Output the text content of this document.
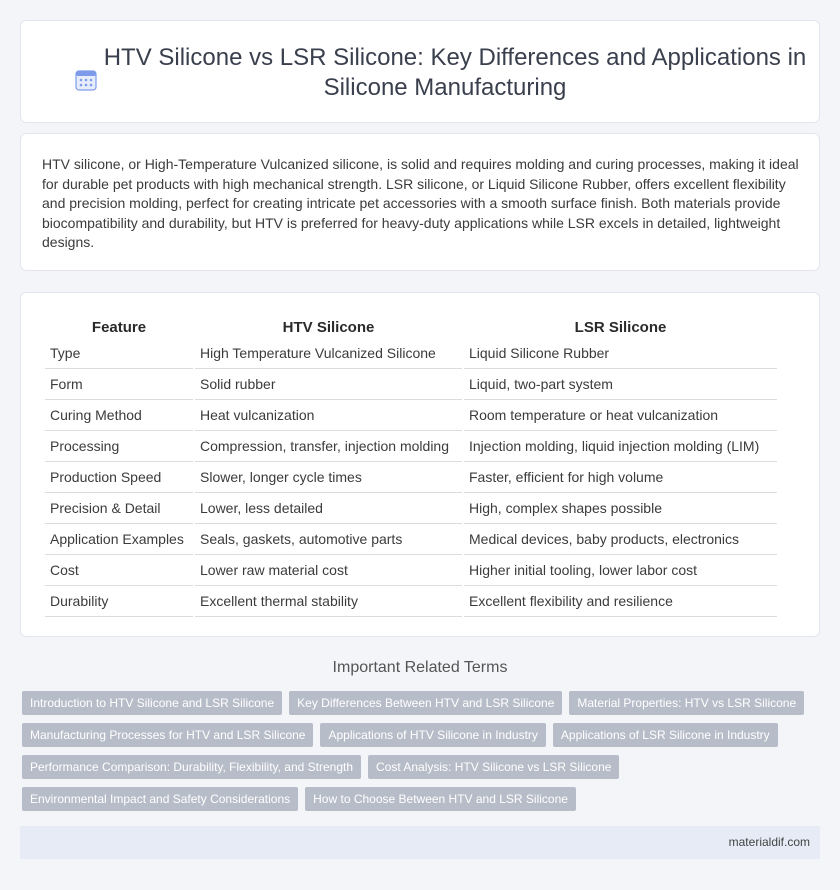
HTV Silicone vs LSR Silicone: Key Differences and Applications in Silicone Manufacturing

HTV silicone, or High-Temperature Vulcanized silicone, is solid and requires molding and curing processes, making it ideal for durable pet products with high mechanical strength. LSR silicone, or Liquid Silicone Rubber, offers excellent flexibility and precision molding, perfect for creating intricate pet accessories with a smooth surface finish. Both materials provide biocompatibility and durability, but HTV is preferred for heavy-duty applications while LSR excels in detailed, lightweight designs.

Feature	HTV Silicone	LSR Silicone
Type	High Temperature Vulcanized Silicone	Liquid Silicone Rubber
Form	Solid rubber	Liquid, two-part system
Curing Method	Heat vulcanization	Room temperature or heat vulcanization
Processing	Compression, transfer, injection molding	Injection molding, liquid injection molding (LIM)
Production Speed	Slower, longer cycle times	Faster, efficient for high volume
Precision & Detail	Lower, less detailed	High, complex shapes possible
Application Examples	Seals, gaskets, automotive parts	Medical devices, baby products, electronics
Cost	Lower raw material cost	Higher initial tooling, lower labor cost
Durability	Excellent thermal stability	Excellent flexibility and resilience
Important Related Terms
Introduction to HTV Silicone and LSR Silicone	Key Differences Between HTV and LSR Silicone	Material Properties: HTV vs LSR Silicone
Manufacturing Processes for HTV and LSR Silicone	Applications of HTV Silicone in Industry	Applications of LSR Silicone in Industry
Performance Comparison: Durability, Flexibility, and Strength	Cost Analysis: HTV Silicone vs LSR Silicone
Environmental Impact and Safety Considerations	How to Choose Between HTV and LSR Silicone
materialdif.com
